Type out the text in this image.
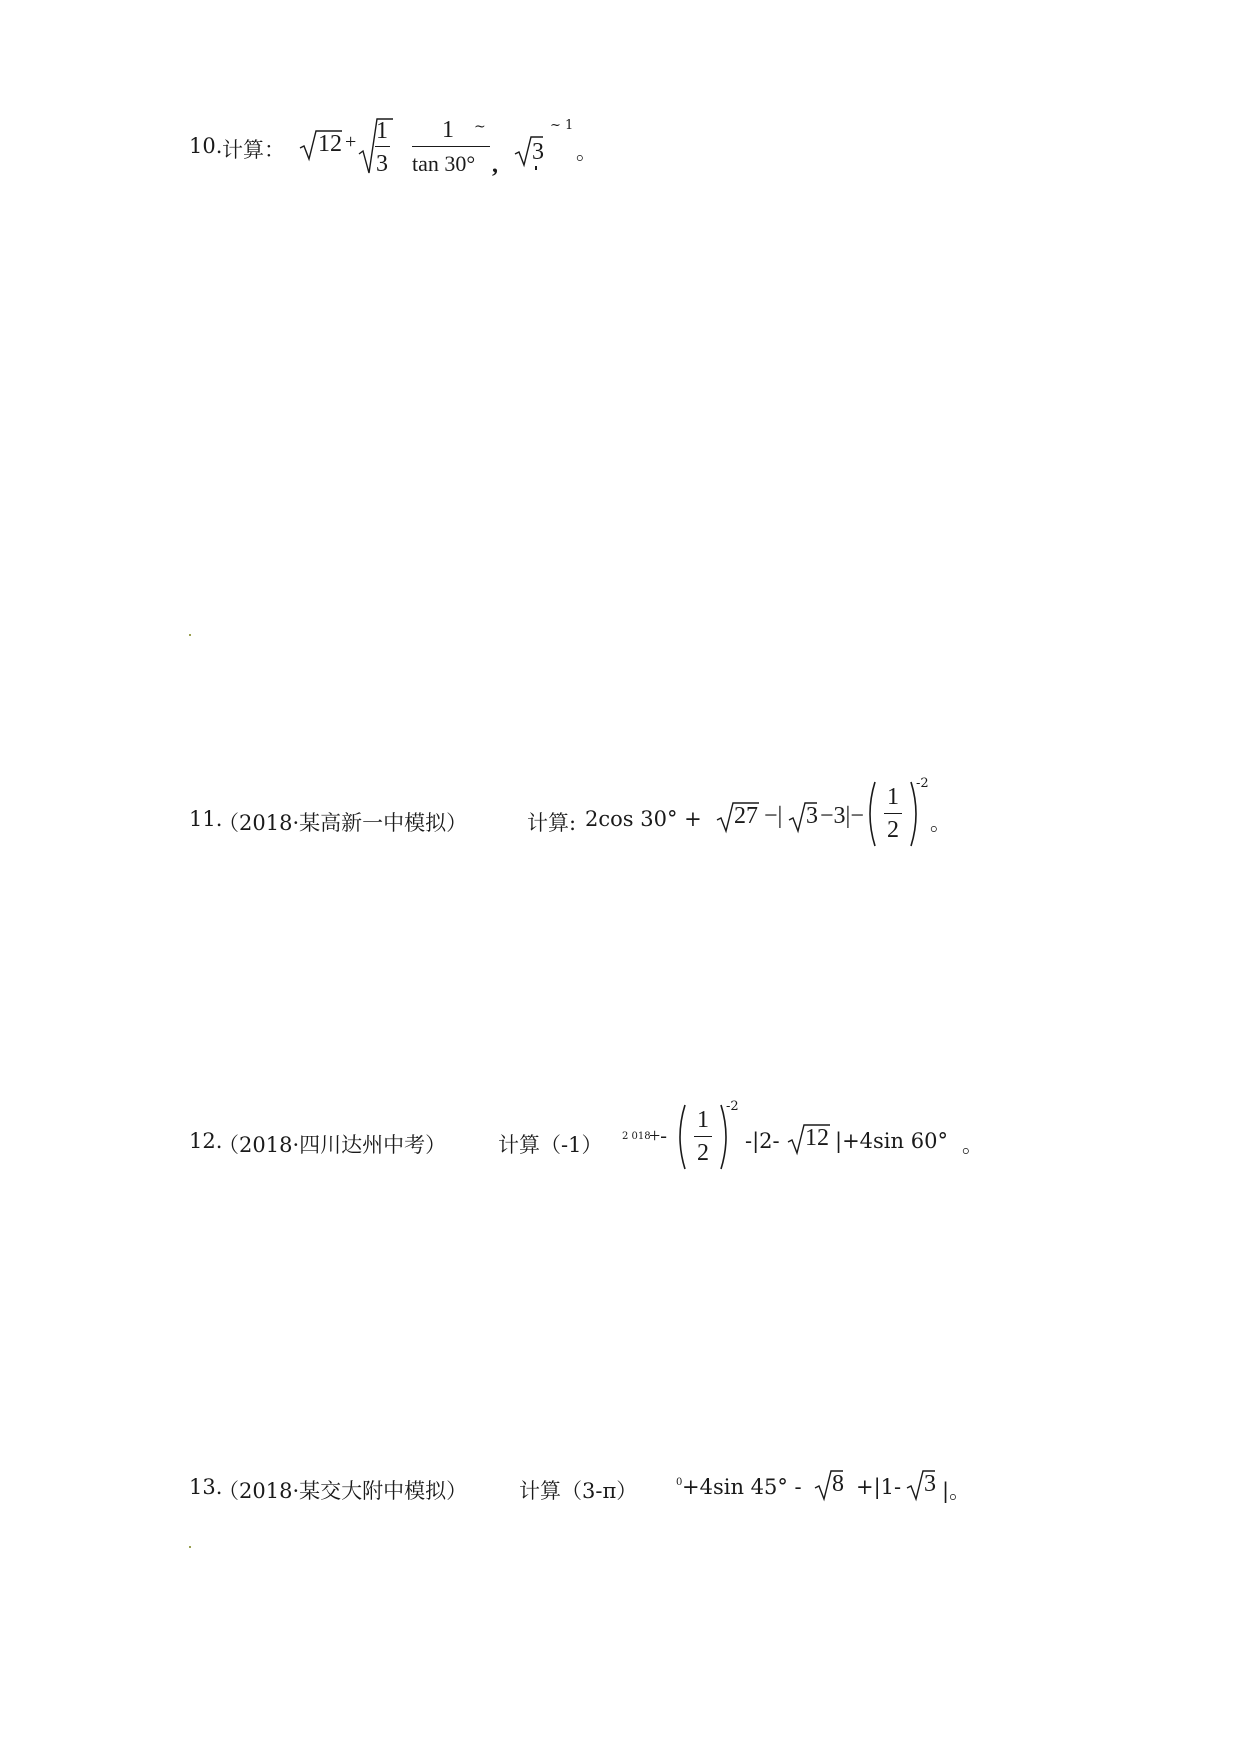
10. 计算： 12 + 1
3
1 ~
tan 30° , 3
~ 1
。
11.
（2018·某高新一中模拟）	计算: 2cos 30° + 27 −| 3 −3|−
1
2
-2
。
12.
（2018·四川达州中考） 计算（-1） 2 018
+-
1
2
-2
-|2- 12 |+4sin 60° 。
13.
（2018·某交大附中模拟） 计算（3-π）	0 +4sin 45° - 8 +|1- 3 |。
